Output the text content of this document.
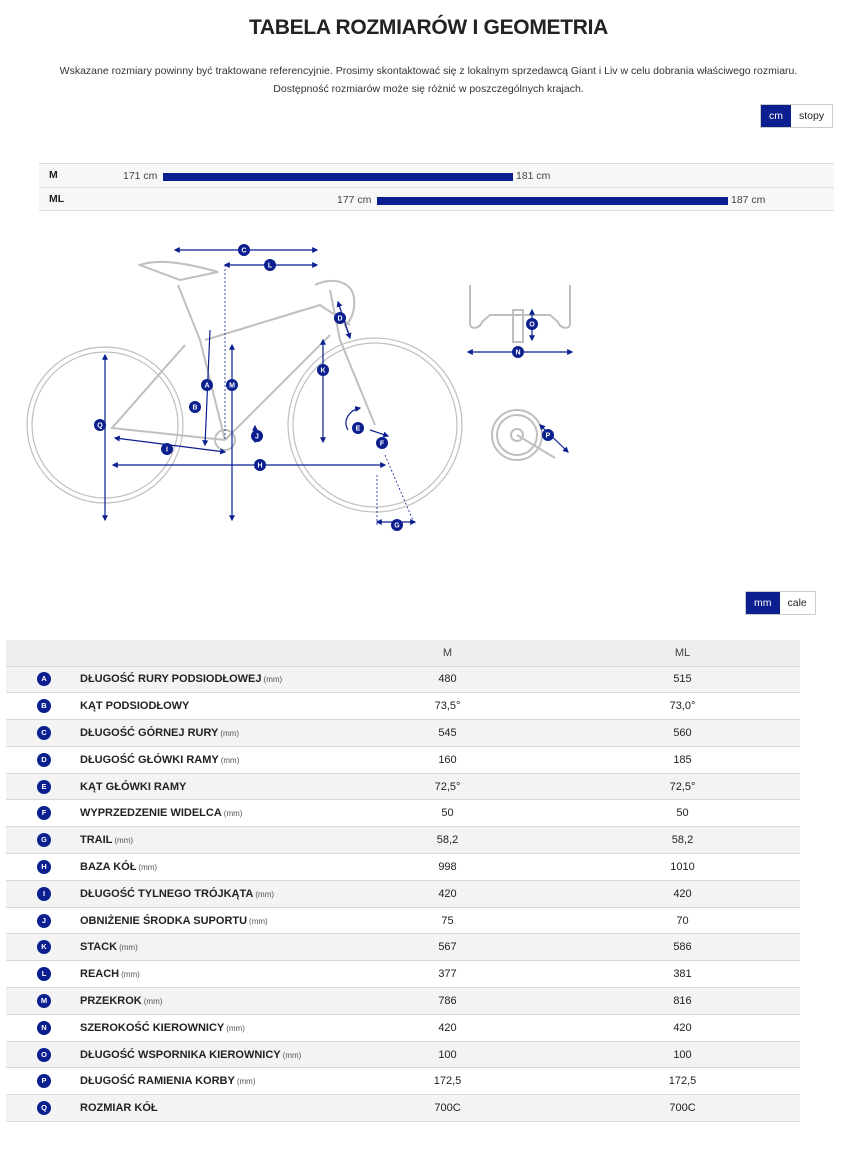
TABELA ROZMIARÓW I GEOMETRIA
Wskazane rozmiary powinny być traktowane referencyjnie. Prosimy skontaktować się z lokalnym sprzedawcą Giant i Liv w celu dobrania właściwego rozmiaru.
Dostępność rozmiarów może się różnić w poszczególnych krajach.
cm	stopy
M	171 cm	181 cm
ML	177 cm	187 cm
C
L
D
K
M
A
B
E
F
Q
J
I
H
G
O
N
P
mm	cale
		M	ML
A	DŁUGOŚĆ RURY PODSIODŁOWEJ (mm)	480	515
B	KĄT PODSIODŁOWY	73,5°	73,0°
C	DŁUGOŚĆ GÓRNEJ RURY (mm)	545	560
D	DŁUGOŚĆ GŁÓWKI RAMY (mm)	160	185
E	KĄT GŁÓWKI RAMY	72,5°	72,5°
F	WYPRZEDZENIE WIDELCA (mm)	50	50
G	TRAIL (mm)	58,2	58,2
H	BAZA KÓŁ (mm)	998	1010
I	DŁUGOŚĆ TYLNEGO TRÓJKĄTA (mm)	420	420
J	OBNIŻENIE ŚRODKA SUPORTU (mm)	75	70
K	STACK (mm)	567	586
L	REACH (mm)	377	381
M	PRZEKROK (mm)	786	816
N	SZEROKOŚĆ KIEROWNICY (mm)	420	420
O	DŁUGOŚĆ WSPORNIKA KIEROWNICY (mm)	100	100
P	DŁUGOŚĆ RAMIENIA KORBY (mm)	172,5	172,5
Q	ROZMIAR KÓŁ	700C	700C
